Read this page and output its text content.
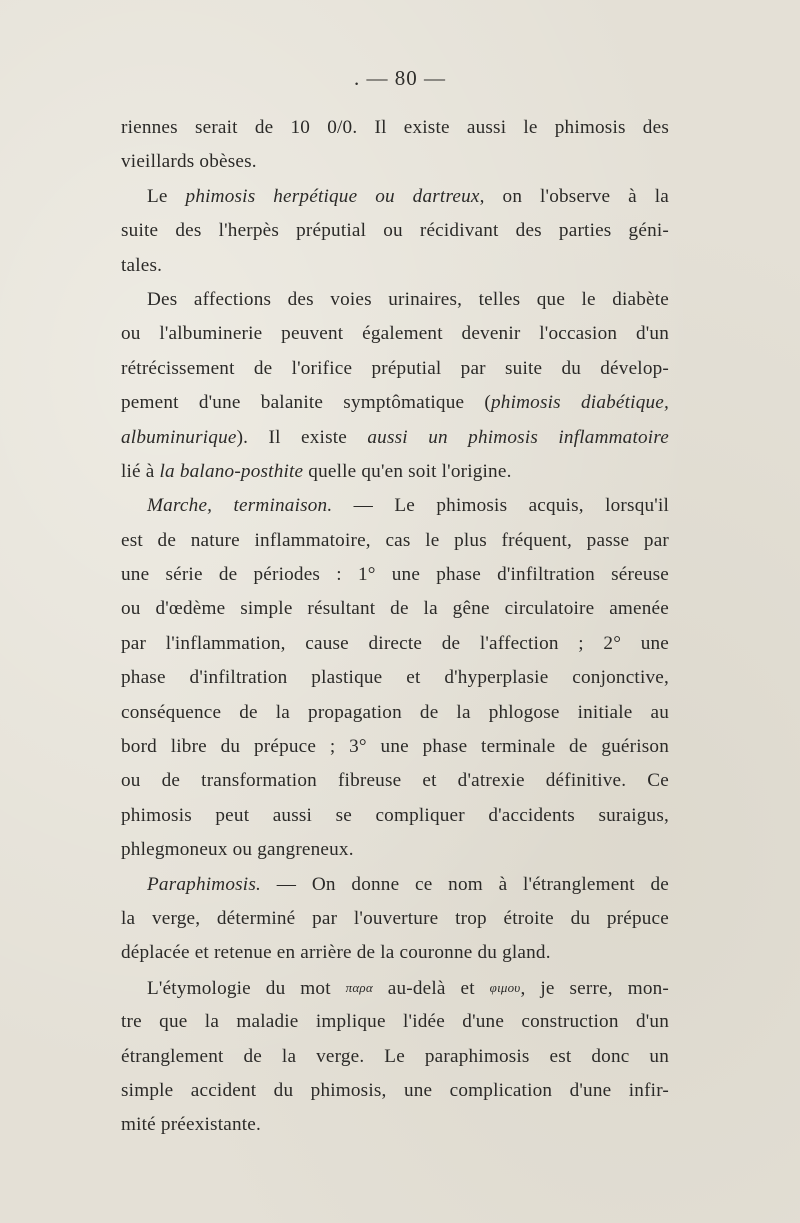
. — 80 —
riennes serait de 10 0/0. Il existe aussi le phimosis des
vieillards obèses.
Le phimosis herpétique ou dartreux, on l'observe à la
suite des l'herpès préputial ou récidivant des parties géni-
tales.
Des affections des voies urinaires, telles que le diabète
ou l'albuminerie peuvent également devenir l'occasion d'un
rétrécissement de l'orifice préputial par suite du dévelop-
pement d'une balanite symptômatique (phimosis diabétique,
albuminurique). Il existe aussi un phimosis inflammatoire
lié à la balano-posthite quelle qu'en soit l'origine.
Marche, terminaison. — Le phimosis acquis, lorsqu'il
est de nature inflammatoire, cas le plus fréquent, passe par
une série de périodes : 1° une phase d'infiltration séreuse
ou d'œdème simple résultant de la gêne circulatoire amenée
par l'inflammation, cause directe de l'affection ; 2° une
phase d'infiltration plastique et d'hyperplasie conjonctive,
conséquence de la propagation de la phlogose initiale au
bord libre du prépuce ; 3° une phase terminale de guérison
ou de transformation fibreuse et d'atrexie définitive. Ce
phimosis peut aussi se compliquer d'accidents suraigus,
phlegmoneux ou gangreneux.
Paraphimosis. — On donne ce nom à l'étranglement de
la verge, déterminé par l'ouverture trop étroite du prépuce
déplacée et retenue en arrière de la couronne du gland.
L'étymologie du mot παρα au-delà et φιμου, je serre, mon-
tre que la maladie implique l'idée d'une construction d'un
étranglement de la verge. Le paraphimosis est donc un
simple accident du phimosis, une complication d'une infir-
mité préexistante.
